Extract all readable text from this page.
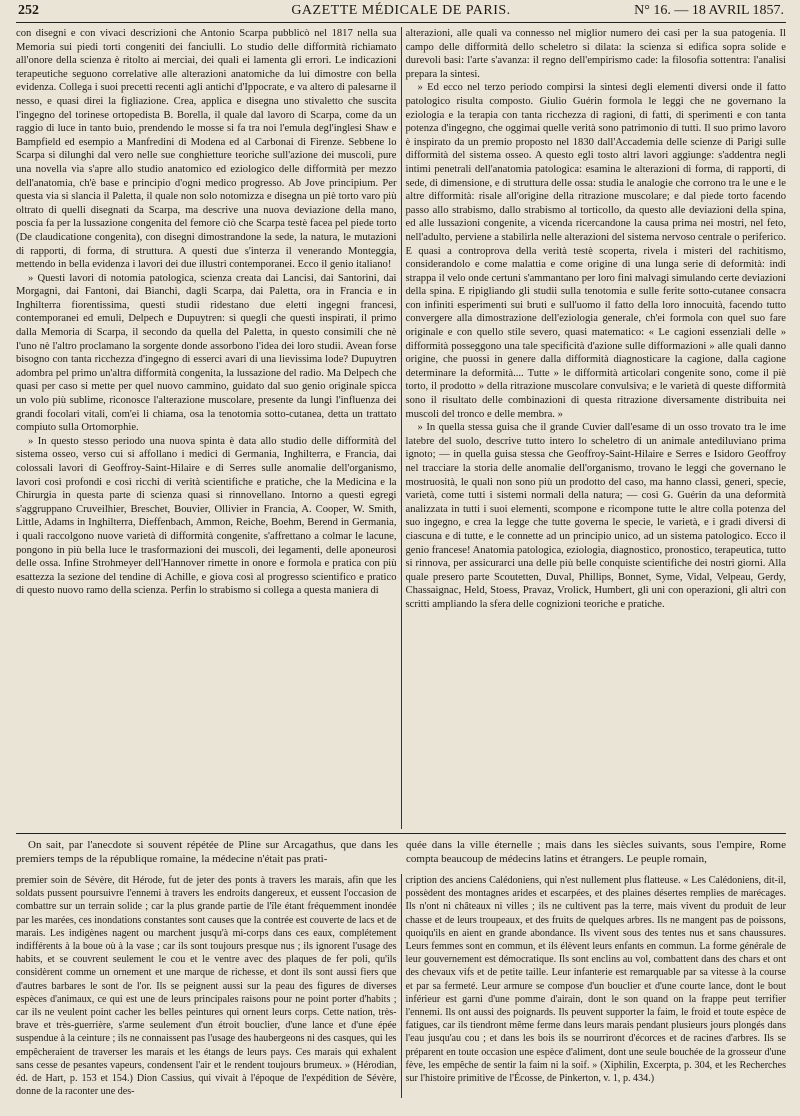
252	GAZETTE MÉDICALE DE PARIS.	N° 16. — 18 AVRIL 1857.

con disegni e con vivaci descrizioni che Antonio Scarpa pubblicò nel 1817 nella sua Memoria sui piedi torti congeniti dei fanciulli. Lo studio delle difformità richiamato all'onore della scienza è ritolto ai merciai, dei quali ei lamenta gli errori. Le indicazioni terapeutiche seguono correlative alle alterazioni anatomiche da lui dimostre con bella evidenza. Collega i suoi precetti recenti agli antichi d'Ippocrate, e va altero di palesarne il nesso, e quasi direi la figliazione. Crea, applica e disegna uno stivaletto che suscita l'ingegno del torinese ortopedista B. Borella, il quale dal lavoro di Scarpa, come da un raggio di luce in tanto buio, prendendo le mosse si fa tra noi l'emula degl'inglesi Shaw e Bampfield ed esempio a Manfredini di Modena ed al Carbonai di Firenze. Sebbene lo Scarpa si dilunghi dal vero nelle sue conghietture teoriche sull'azione dei muscoli, pure una novella via s'apre allo studio anatomico ed eziologico delle difformità per mezzo dell'anatomia, ch'è base e principio d'ogni medico progresso. Ab Jove principium. Per questa via si slancia il Paletta, il quale non solo notomizza e disegna un piè torto varo più oltrato di quelli disegnati da Scarpa, ma descrive una nuova deviazione della mano, poscia fa per la lussazione congenita del femore ciò che Scarpa testè facea pel piede torto (De claudicatione congenita), con disegni dimostrandone la sede, la natura, le mutazioni di rapporti, di forma, di struttura. A questi due s'interza il venerando Monteggia, mettendo in bella evidenza i lavori dei due illustri contemporanei. Ecco il genio italiano!

» Questi lavori di notomia patologica, scienza creata dai Lancisi, dai Santorini, dai Morgagni, dai Fantoni, dai Bianchi, dagli Scarpa, dai Paletta, ora in Francia e in Inghilterra fiorentissima, questi studii ridestano due eletti ingegni francesi, contemporanei ed emuli, Delpech e Dupuytren: sì quegli che questi inspirati, il primo dalla Memoria di Scarpa, il secondo da quella del Paletta, in questo consimili che nè l'uno nè l'altro proclamano la sorgente donde assorbono l'idea dei loro studii. Avean forse bisogno con tanta ricchezza d'ingegno di esserci avari di una lievissima lode? Dupuytren adombra pel primo un'altra difformità congenita, la lussazione del radio. Ma Delpech che quasi per caso si mette per quel nuovo cammino, guidato dal suo genio originale spicca un volo più sublime, riconosce l'alterazione muscolare, presente da lungi l'influenza dei grandi focolari vitali, com'ei li chiama, osa la tenotomia sotto-cutanea, detta un trattato compiuto sulla Ortomorphie.

» In questo stesso periodo una nuova spinta è data allo studio delle difformità del sistema osseo, verso cui si affollano i medici di Germania, Inghilterra, e Francia, dai colossali lavori di Geoffroy-Saint-Hilaire e di Serres sulle anomalie dell'organismo, lavori così profondi e così ricchi di verità scientifiche e pratiche, che la Medicina e la Chirurgia in questa parte di scienza quasi si rinnovellano. Intorno a questi egregi s'aggruppano Cruveilhier, Breschet, Bouvier, Ollivier in Francia, A. Cooper, W. Smith, Little, Adams in Inghilterra, Dieffenbach, Ammon, Reiche, Boehm, Berend in Germania, i quali raccolgono nuove varietà di difformità congenite, s'affrettano a colmar le lacune, pongono in più bella luce le trasformazioni dei muscoli, dei legamenti, delle aponeurosi delle ossa. Infine Strohmeyer dell'Hannover rimette in onore e formola e pratica con più esattezza la sezione del tendine di Achille, e giova così al progresso scientifico e pratico di questo nuovo ramo della scienza. Perfin lo strabismo si collega a questa maniera di

alterazioni, alle quali va connesso nel miglior numero dei casi per la sua patogenia. Il campo delle difformità dello scheletro si dilata: la scienza si edifica sopra solide e durevoli basi: l'arte s'avanza: il regno dell'empirismo cade: la filosofia sottentra: l'analisi prepara la sintesi.

» Ed ecco nel terzo periodo compirsi la sintesi degli elementi diversi onde il fatto patologico risulta composto. Giulio Guérin formola le leggi che ne governano la eziologia e la terapia con tanta ricchezza di ragioni, di fatti, di sperimenti e con tanta potenza d'ingegno, che oggimai quelle verità sono patrimonio di tutti. Il suo primo lavoro è inspirato da un premio proposto nel 1830 dall'Accademia delle scienze di Parigi sulle difformità del sistema osseo. A questo egli tosto altri lavori aggiunge: s'addentra negli intimi penetrali dell'anatomia patologica: esamina le alterazioni di forma, di rapporti, di sede, di dimensione, e di struttura delle ossa: studia le analogie che corrono tra le une e le altre difformità: risale all'origine della ritrazione muscolare; e dal piede torto facendo passo allo strabismo, dallo strabismo al torticollo, da questo alle deviazioni della spina, ed alle lussazioni congenite, a vicenda ricercandone la causa prima nei mostri, nel feto, nell'adulto, perviene a stabilirla nelle alterazioni del sistema nervoso centrale o periferico. E quasi a controprova della verità testè scoperta, rivela i misteri del rachitismo, considerandolo e come malattia e come origine di una lunga serie di deformità: indi strappa il velo onde certuni s'ammantano per loro fini malvagi simulando certe deviazioni della spina. E ripigliando gli studii sulla tenotomia e sulle ferite sotto-cutanee consacra con infiniti esperimenti sui bruti e sull'uomo il fatto della loro innocuità, facendo tutto convergere alla dimostrazione dell'eziologia generale, ch'ei formola con quel suo fare originale e con quello stile severo, quasi matematico: « Le cagioni essenziali delle » difformità posseggono una tale specificità d'azione sulle difformazioni » alle quali danno origine, che puossi in genere dalla difformità diagnosticare la cagione, dalla cagione determinare la deformità.... Tutte » le difformità articolari congenite sono, come il piè torto, il prodotto » della ritrazione muscolare convulsiva; e le varietà di queste difformità sono il risultato delle combinazioni di questa ritrazione diversamente distribuita nei muscoli del tronco e delle membra. »

» In quella stessa guisa che il grande Cuvier dall'esame di un osso trovato tra le ime latebre del suolo, descrive tutto intero lo scheletro di un animale antediluviano prima ignoto; — in quella guisa stessa che Geoffroy-Saint-Hilaire e Serres e Isidoro Geoffroy nel tracciare la storia delle anomalie dell'organismo, trovano le leggi che governano le mostruosità, le quali non sono più un prodotto del caso, ma hanno classi, generi, specie, varietà, come tutti i sistemi normali della natura; — così G. Guérin da una deformità analizzata in tutti i suoi elementi, scompone e ricompone tutte le altre colla potenza del suo ingegno, e crea la legge che tutte governa le specie, le varietà, e i gradi diversi di ciascuna e di tutte, e le connette ad un principio unico, ad un sistema patologico. Ecco il genio francese! Anatomia patologica, eziologia, diagnostico, pronostico, terapeutica, tutto si rinnova, per assicurarci una delle più belle conquiste scientifiche dei nostri giorni. Alla quale presero parte Scoutetten, Duval, Phillips, Bonnet, Syme, Vidal, Velpeau, Gerdy, Chassaignac, Held, Stoess, Pravaz, Vrolick, Humbert, gli uni con operazioni, gli altri con scritti ampliando la sfera delle cognizioni teoriche e pratiche.

On sait, par l'anecdote si souvent répétée de Pline sur Arcagathus, que dans les premiers temps de la république romaine, la médecine n'était pas prati-
quée dans la ville éternelle ; mais dans les siècles suivants, sous l'empire, Rome compta beaucoup de médecins latins et étrangers. Le peuple romain,

premier soin de Sévère, dit Hérode, fut de jeter des ponts à travers les marais, afin que les soldats pussent poursuivre l'ennemi à travers les endroits dangereux, et eussent l'occasion de combattre sur un terrain solide ; car la plus grande partie de l'île étant fréquemment inondée par les marées, ces inondations constantes sont causes que la contrée est couverte de lacs et de marais. Les indigènes nagent ou marchent jusqu'à mi-corps dans ces eaux, complétement indifférents à la boue où à la vase ; car ils sont toujours presque nus ; ils ignorent l'usage des habits, et se couvrent seulement le cou et le ventre avec des plaques de fer poli, qu'ils considèrent comme un ornement et une marque de richesse, et dont ils sont aussi fiers que d'autres barbares le sont de l'or. Ils se peignent aussi sur la peau des figures de diverses espèces d'animaux, ce qui est une de leurs principales raisons pour ne point porter d'habits ; car ils ne veulent point cacher les belles peintures qui ornent leurs corps. Cette nation, très-brave et très-guerrière, s'arme seulement d'un étroit bouclier, d'une lance et d'une épée suspendue à la ceinture ; ils ne connaissent pas l'usage des haubergeons ni des casques, qui les empêcheraient de traverser les marais et les étangs de leurs pays. Ces marais qui exhalent sans cesse de pesantes vapeurs, condensent l'air et le rendent toujours brumeux. » (Hérodian, éd. de Hart, p. 153 et 154.) Dion Cassius, qui vivait à l'époque de l'expédition de Sévère, donne de la raconter une des-

cription des anciens Calédoniens, qui n'est nullement plus flatteuse. « Les Calédoniens, dit-il, possèdent des montagnes arides et escarpées, et des plaines désertes remplies de marécages. Ils n'ont ni châteaux ni villes ; ils ne cultivent pas la terre, mais vivent du produit de leur chasse et de leurs troupeaux, et des fruits de quelques arbres. Ils ne mangent pas de poissons, quoiqu'ils en aient en grande abondance. Ils vivent sous des tentes nus et sans chaussures. Leurs femmes sont en commun, et ils élèvent leurs enfants en commun. La forme générale de leur gouvernement est démocratique. Ils sont enclins au vol, combattent dans des chars et ont des chevaux vifs et de petite taille. Leur infanterie est remarquable par sa vitesse à la course et par sa fermeté. Leur armure se compose d'un bouclier et d'une courte lance, dont le bout inférieur est garni d'une pomme d'airain, dont le son quand on la frappe peut terrifier l'ennemi. Ils ont aussi des poignards. Ils peuvent supporter la faim, le froid et toute espèce de fatigues, car ils tiendront même ferme dans leurs marais pendant plusieurs jours plongés dans l'eau jusqu'au cou ; et dans les bois ils se nourriront d'écorces et de racines d'arbres. Ils se préparent en toute occasion une espèce d'aliment, dont une seule bouchée de la grosseur d'une fève, les empêche de sentir la faim ni la soif. » (Xiphilin, Excerpta, p. 304, et les Recherches sur l'histoire primitive de l'Écosse, de Pinkerton, v. 1, p. 434.)
